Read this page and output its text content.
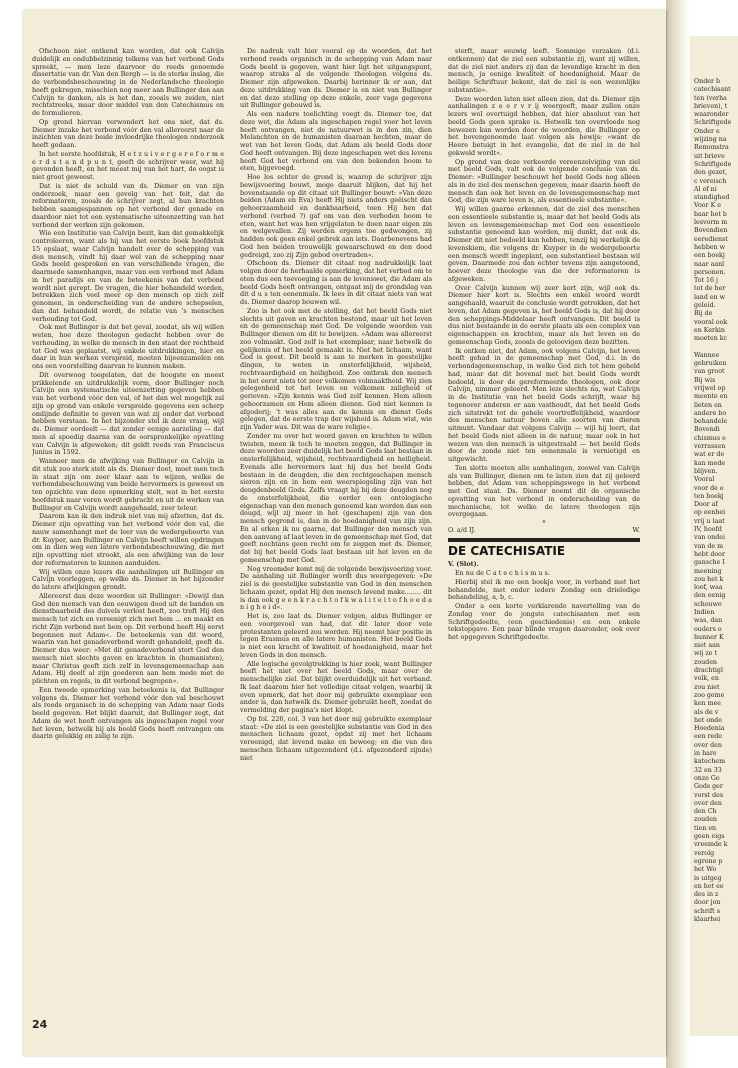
Ofschoon niet ontkend kan worden, dat ook Calvijn duidelijk en ondubbelzinnig telkens van het verbond Gods spreekt, — men leze daarvoor de reeds genoemde dissertatie van dr. Van den Bergh — is de sterke inslag, die de verbondsbeschouwing in de Nederlandsche theologie heeft gekregen, misschien nog meer aan Bullinger dan aan Calvijn te danken, als is het dan, zooals we zeiden, niet rechtstreeks, maar door middel van den Catechismus en de formulieren.

Op grond hiervan verwondert het ons niet, dat ds. Diemer inzake het verbond vóór den val allereerst naar de inzichten van deze beide invloedrijke theologen onderzoek heeft gedaan.

In het eerste hoofdstuk, H e t z u i v e r g e r e f o r m e e r d s t a n d p u n t, geeft de schrijver weer, wat hij gevonden heeft, en het meest mij van het hart, de oogst is niet groot geweest.

Dat is niet de schuld van ds. Diemer en van zijn onderzoek, maar een gevolg van het feit, dat de reformatoren, zooals de schrijver zegt, al hun krachten hebben saamgespannen op het verbond der genade en daardoor niet tot een systematische uiteenzetting van het verbond der werken zijn gekomen.

Wie een Institutie van Calvijn bezit, kan dat gemakkelijk controleeren, want als hij van het eerste boek hoofdstuk 15 opslaat, waar Calvijn handelt over de schepping van den mensch, vindt hij daar wel van de schepping naar Gods beeld gesproken en van verschillende vragen, die daarmede samenhangen, maar van een verbond met Adam in het paradijs en van de beteekenis van dat verbond wordt niet gerept. De vragen, die hier behandeld worden, betrekken zich veel meer op den mensch op zich zelf genomen, in onderscheiding van de andere schepselen, dan dat behandeld wordt, de relatie van 's menschen verhouding tot God.

Ook met Bullinger is dat het geval, zoodat, als wij willen weten, hoe deze theologen gedacht hebben over de verhouding, in welke de mensch in den staat der rechtheid tot God was geplaatst, wij enkele uitdrukkingen, hier en daar in hun werken verspreid, moeten bijeenzamelen om ons een voorstelling daarvan te kunnen maken.

Dit overwoog toegelaten, dat de hoogste en meest prikkelende en uitdrukkelijk vorm, door Bullinger noch Calvijn een systematische uiteenzetting gegeven hebben van het verbond vóór den val, of het dan wel mogelijk zal zijn op grond van enkele verspreide gegevens een scherp omlijnde definitie te geven van wat zij onder dat verbond hebben verstaan. In het bijzonder stel ik deze vraag, wijl ds. Diemer oordeelt — dat zonder eenige aarzeling — dat men al spoedig daarna van de oorspronkelijke opvatting van Calvijn is afgeweken; dit geldt reeds van Franciscus Junius in 1592.

Wanneer men de afwijking van Bullinger en Calvijn in dit stuk zoo sterk stelt als ds. Diemer doet, moet men toch in staat zijn om zeer klaar aan te wijzen, welke de verbondsbeschouwing van beide hervormers is geweest en ten opzichte van deze opmerking stelt, wat in het eerste hoofdstuk naar voren wordt gebracht en uit de werken van Bullinger en Calvijn wordt aangehaald, zeer teleur.

Daarom kan ik den indruk niet van mij afzetten, dat ds. Diemer zijn opvatting van het verbond vóór den val, die nauw samenhangt met de leer van de wedergeboorte van dr. Kuyper, aan Bullinger en Calvijn heeft willen opdringen om in dien weg een latere verbondsbeschouwing, die met zijn opvatting niet strookt, als een afwijking van de leer der reformatoren te kunnen aanduiden.

Wij willen onze lezers die aanhalingen uit Bullinger en Calvijn voorleggen, op welke ds. Diemer in het bijzonder de latere afwijkingen grondt.

Allereerst dan deze woorden uit Bullinger: »Dewijl dan God den mensch van den eeuwigen dood uit de banden en dienstbaarheid des duivels verlost heeft, zoo treft Hij den mensch tot zich en vereenigt zich met hem ... en maakt en richt Zijn verbond met hem op. Dit verbond heeft Hij eerst begonnen met Adam«. De beteekenis van dit woord, waarin van het genadeverbond wordt gehandeld, geeft ds. Diemer dus weer: »Met dit genadeverbond stort God den mensch niet slechts gaven en krachten in (humanisten), maar Christus geeft zich zelf in levensgemeenschap aan Adam. Hij deelt al zijn goederen aan hem mede met de plichten en regels, in dit verbond begrepen«.

Een tweede opmerking van beteekenis is, dat Bullinger volgens ds. Diemer het verbond vóór den val beschouwt als reeds organisch in de schepping van Adam naar Gods beeld gegeven. Het blijkt daaruit, dat Bullinger zegt, dat Adam de wet heeft ontvangen als ingeschapen regel voor het leven, hetwelk hij als beeld Gods heeft ontvangen om daarin gelukkig en zalig te zijn.

De nadruk valt hier vooral op de woorden, dat het verbond reeds organisch in de schepping van Adam naar Gods beeld is gegeven, want hier ligt het uitgangspunt, waarop straks al de volgende theologen volgens ds. Diemer zijn afgeweken. Daarbij herinner ik er aan, dat deze uitdrukking van ds. Diemer is en niet van Bullinger en dat deze stelling op deze enkele, zeer vage gegevens uit Bullinger gebouwd is.

Als een nadere toelichting voegt ds. Diemer toe, dat deze wet, die Adam als ingeschapen regel voor het leven heeft ontvangen, niet de natuurwet is in den zin, dien Melanchton en de humanisten daaraan hechten, maar de wet van het leven Gods, dat Adam als beeld Gods door God heeft ontvangen. Bij deze ingeschapen wet des levens heeft God het verbond om van den bekenden boom te eten, bijgevoegd.

Hoe los echter de grond is, waarop de schrijver zijn bewijsvoering bouwt, moge daaruit blijken, dat hij het bovenstaande op dit citaat uit Bullinger bouwt: »Van deze beiden (Adam en Eva) heeft Hij niets anders geëischt dan gehoorzaamheid en dankbaarheid, toen Hij hen dat verbond (verbod ?) gaf om van den verboden boom te eten, want het was hen vrijgelaten te doen naar eigen zin en welgevallen. Zij werden ergens toe gedwongen, zij hadden ook geen enkel gebrek aan iets. Daarbenevens had God hen beiden trouwelijk gewaarschuwd en den dood gedreigd, zoo zij Zijn gebod overtraden«.

Ofschoon ds. Diemer dit citaat nog nadrukkelijk laat volgen door de herhaalde opmerking, dat het verbod om te eten dus een toevoeging is aan de levenswet, die Adam als beeld Gods heeft ontvangen, ontgaat mij de grondslag van dit d u s ten eenenmale. Ik lees in dit citaat niets van wat ds. Diemer daarop bouwen wil.

Zoo is het ook met de stelling, dat het beeld Gods niet slechts uit gaven en krachten bestond, maar uit het leven en de gemeenschap met God. De volgende woorden van Bullinger dienen om dit te bewijzen. »Adam was allereerst zoo volmaakt. God zelf is het exemplaar, naar hetwelk de gelijkenis of het beeld gemaakt is. Niet het lichaam, want God is geest. Dit beeld is aan te merken in geestelijke dingen, te weten in onsterfelijkheid, wijsheid, rechtvaardigheid en heiligheid. Zoo ontbrak den mensch in het eerst niets tot zeer volkomen volmaaktheid. Wij zien gelegenheid tot het leven en volkomen zaligheid of gerieven. »Zijn kennis was God zelf kennen. Hem alleen gehoorzamen en Hem alleen dienen. God niet kennen is afgoderij; 't was alles aan de kennis en dienst Gods gelegen, dat de eerste trap der wijsheid is. Adam wist, wie zijn Vader was. Dit was de ware religie«.

Zonder nu over het woord gaven en krachten te willen twisten, meen ik toch te moeten zeggen, dat Bullinger in deze woorden zeer duidelijk het beeld Gods laat bestaan in onsterfelijkheid, wijsheid, rechtvaardigheid en heiligheid. Evenals alle hervormers laat hij dus het beeld Gods bestaan in de deugden, die den rechtgeschapen mensch sieren zijn en in hem een weerspiegeling zijn van het deugdenbeeld Gods. Zelfs vraagt hij bij deze deugden nog de onsterfelijkheid, die eerder een ontologische eigenschap van den mensch genoemd kan worden dan een deugd, wijl zij meer in het (geschapen) zijn van den mensch gegrond is, dan in de hoedanigheid van zijn zijn. En al erken ik nu gaarne, dat Bullinger den mensch van den aanvang af laat leven in de gemeenschap met God, dat geeft nochtans geen recht om te zeggen met ds. Diemer, dat bij het beeld Gods laat bestaan uit het leven en de gemeenschap met God.

Nog vreemder komt mij de volgende bewijsvoering voor. De aanhaling uit Bullinger wordt dus weergegeven: »De ziel is de geestelijke substantie van God in den menschen lichaam gezet, opdat Hij den mensch levend make........ dit is dan ook g e e n k r a c h t o f k w a l i t e i t o f h o e d a n i g h e i d«.

Het is, zoo laat ds. Diemer volgen, aldus Bullinger er een voorgevoel van had, dat dit later door vele protestanten geleerd zou worden. Hij neemt hier positie in tegen Erasmus en alle latere humanisten. Het beeld Gods is niet een kracht of kwaliteit of hoedanigheid, maar het leven Gods in den mensch.

Alle logische gevolgtrekking is hier zoek, want Bullinger heeft het niet over het beeld Gods, maar over de menschelijke ziel. Dat blijkt overduidelijk uit het verband. Ik laat daarom hier het volledige citaat volgen, waarbij ik even opmerk, dat het door mij gebruikte exemplaar een ander is, dan hetwelk ds. Diemer gebruikt heeft, zoodat de vermelding der pagina's niet klopt.

Op fol. 226, col. 3 van het door mij gebruikte exemplaar staat: »De ziel is een geestelijke substantie van God in des menschen lichaam gezet, opdat zij met het lichaam vereenigd, dat levend make en beweeg; en die van des menschen lichaam uitgezonderd (d.i. afgezonderd zijnde) niet

sterft, maar eeuwig leeft. Sommige verzaken (d.i. ontkennen) dat de ziel een substantie zij, want zij willen, dat de ziel niet anders zij dan de levendige kracht in den mensch, ja eenige kwaliteit of hoedanigheid. Maar de heilige Schriftuur bekent, dat de ziel is een wezenlijke substantie«.

Deze woorden laten niet alleen zien, dat ds. Diemer zijn aanhalingen z e e r v r ij weergeeft, maar zullen onze lezers wel overtuigd hebben, dat hier absoluut van het beeld Gods geen sprake is. Hetwelk ten overvloede nog bewezen kan worden door de woorden, die Bullinger op het bovengenoemde laat volgen als bewijs: »want de Heere betuigt in het evangelie, dat de ziel in de hel gekweld wordt«.

Op grond van deze verkeerde vereenzelviging van ziel met beeld Gods, valt ook de volgende conclusie van ds. Diemer: »Bullinger beschouwt het beeld Gods nog alleen als in de ziel des menschen gegeven, maar daarin heeft de mensch dan ook het leven en de levensgemeenschap met God, die zijn ware leven is, als essentieele substantie«.

Wij willen gaarne erkennen, dat de ziel des menschen een essentieele substantie is, maar dat het beeld Gods als leven en levensgemeenschap met God een essentieele substantie genoemd kan worden, mij dunkt, dat ook ds. Diemer dit niet bedoeld kan hebben, tenzij hij werkelijk de levenskiem, die volgens dr. Kuyper in de wedergeboorte een mensch wordt ingeplant, een substantieel bestaan wil geven. Daarmede zou dan echter tevens zijn aangetoond, hoever deze theologie van die der reformatoren is afgeweken.

Over Calvijn kunnen wij zeer kort zijn, wijl ook ds. Diemer hier kort is. Slechts een enkel woord wordt aangehaald, waaruit de conclusie wordt getrokken, dat het leven, dat Adam gegeven is, het beeld Gods is, dat hij door den scheppings-Middelaar heeft ontvangen. Dit beeld is dus niet bestaande in de eerste plaats als een complex van eigenschappen en krachten, maar als het leven en de gemeenschap Gods, zooals de geloovigen deze bezitten.

Ik ontken niet, dat Adam, ook volgens Calvijn, het leven heeft gehad in de gemeenschap met God, d.i. in de verbondsgemeenschap, in welke God zich tot hem geheld had, maar dat dit bovenal met het beeld Gods wordt bedoeld, is door de gereformeerde theologen, ook door Calvijn, nimmer geleerd. Men leze slechts na, wat Calvijn in de Institutie van het beeld Gods schrijft, waar hij tegenover anderen er aan vasthoudt, dat het beeld Gods zich uitstrekt tot de gehele voortreffelijkheid, waardoor des menschen natuur boven alle soorten van dieren uitmunt. Vandaar dat volgens Calvijn — wijl hij leert, dat het beeld Gods niet alleen in de natuur, maar ook in het wezen van den mensch is uitgestraald — het beeld Gods door de zonde niet ten eenenmale is vernietigd en uitgewischt.

Ten slotte moeten alle aanhalingen, zoowel van Calvijn als van Bullinger, dienen om te laten zien dat zij geleerd hebben, dat Adam van scheppingswege in het verbond met God staat. Ds. Diemer noemt dit de organische opvatting van het verbond in onderscheiding van de mechanische, tot welke de latere theologen zijn overgegaan.

*

O. a/d IJ.	W.
DE CATECHISATIE
V. (Slot).

En nu de C a t e c h i s m u s.

Hierbij stel ik me een boekje voor, in verband met het behandelde, met onder iedere Zondag een drieledige behandeling, a, b, c.

Onder a een korte verklarende navertelling van de Zondag voor de jongste catechisanten met een Schriftgedeelte, (een geschiedenis) en een enkele tekstopgave. Een paar blinde vragen daaronder, ook over het opgegeven Schriftgedeelte.

24
Onder b
catechisant
ten (verha
brieven), t
waaronder
Schriftgede
Onder e
wijzing na
Remonstra
uit brieve
Schriftgede
den gezet,
c vereisch
Al of ni
standighed
Voor K e
baar het b
lesvorm m
Bovendien
eeredienst
hebben w
een boekj
naar aanl
personen.
Tot 16 j
tot de her
land en w
geleid.
Bij de
vooral ook
en Kerkin
moeten kc

Wannee
gebruiken
van groot
Bij wis
vrijwel op
meente en
lieten en
andere bo
behandele
Bovendi
chismus e
verrassen
wat er de
kan mede
blijven.
Vooral
voor de e
ten boekj
Door af
op eenhei
vrij u laat
IV, hoofd
van ondei
van de m
hebt door
gansche I
meening
zou het k
loof, waa
den eenig
schouwe
Indien
was, dan
ouders o
hunner K
niet aan
wij ze t
zouden
drachtigl
volk, en
zou niet
zoo geme
ken mee
als de v
het onde
Hoedenia
een rede
over den
in hare
katechem
32 en 33
onze Go
Gods ger
vorst des
over den
den Ch
zouden
tien en
geen eigs
vreemde k
verolg
egrone p
het Wo
is uitgeg
en het ee
des in z
door jon
schrift s
klaarhei
